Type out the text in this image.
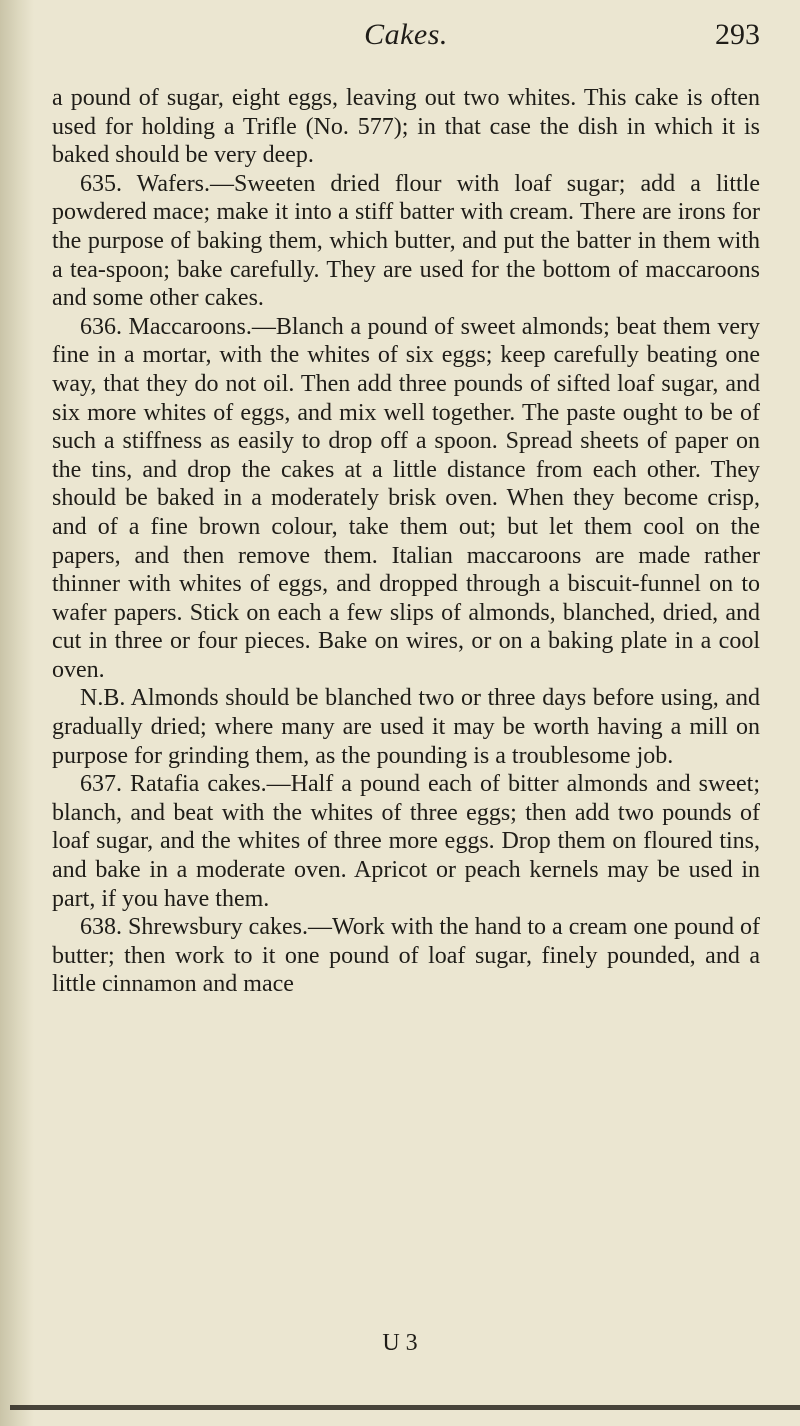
Cakes.	293

a pound of sugar, eight eggs, leaving out two whites. This cake is often used for holding a Trifle (No. 577); in that case the dish in which it is baked should be very deep.

635. Wafers.—Sweeten dried flour with loaf sugar; add a little powdered mace; make it into a stiff batter with cream. There are irons for the purpose of baking them, which butter, and put the batter in them with a tea-spoon; bake carefully. They are used for the bottom of maccaroons and some other cakes.

636. Maccaroons.—Blanch a pound of sweet almonds; beat them very fine in a mortar, with the whites of six eggs; keep carefully beating one way, that they do not oil. Then add three pounds of sifted loaf sugar, and six more whites of eggs, and mix well together. The paste ought to be of such a stiffness as easily to drop off a spoon. Spread sheets of paper on the tins, and drop the cakes at a little distance from each other. They should be baked in a moderately brisk oven. When they become crisp, and of a fine brown colour, take them out; but let them cool on the papers, and then remove them. Italian maccaroons are made rather thinner with whites of eggs, and dropped through a biscuit-funnel on to wafer papers. Stick on each a few slips of almonds, blanched, dried, and cut in three or four pieces. Bake on wires, or on a baking plate in a cool oven.

N.B. Almonds should be blanched two or three days before using, and gradually dried; where many are used it may be worth having a mill on purpose for grinding them, as the pounding is a troublesome job.

637. Ratafia cakes.—Half a pound each of bitter almonds and sweet; blanch, and beat with the whites of three eggs; then add two pounds of loaf sugar, and the whites of three more eggs. Drop them on floured tins, and bake in a moderate oven. Apricot or peach kernels may be used in part, if you have them.

638. Shrewsbury cakes.—Work with the hand to a cream one pound of butter; then work to it one pound of loaf sugar, finely pounded, and a little cinnamon and mace

U 3
